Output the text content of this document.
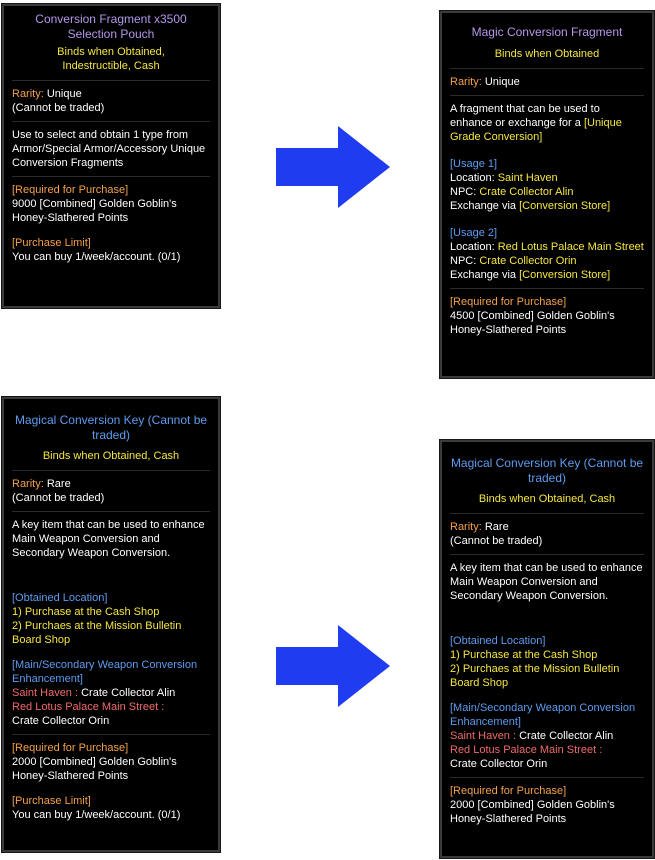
Conversion Fragment x3500 Selection Pouch
Binds when Obtained,
Indestructible, Cash
Rarity: Unique
(Cannot be traded)
Use to select and obtain 1 type from Armor/Special Armor/Accessory Unique Conversion Fragments
[Required for Purchase]
9000 [Combined] Golden Goblin's Honey-Slathered Points
[Purchase Limit]
You can buy 1/week/account. (0/1)
Magic Conversion Fragment
Binds when Obtained
Rarity: Unique
A fragment that can be used to enhance or exchange for a [Unique Grade Conversion]
[Usage 1]
Location: Saint Haven
NPC: Crate Collector Alin
Exchange via [Conversion Store]
[Usage 2]
Location: Red Lotus Palace Main Street
NPC: Crate Collector Orin
Exchange via [Conversion Store]
[Required for Purchase]
4500 [Combined] Golden Goblin's Honey-Slathered Points
Magical Conversion Key (Cannot be traded)
Binds when Obtained, Cash
Rarity: Rare
(Cannot be traded)
A key item that can be used to enhance Main Weapon Conversion and Secondary Weapon Conversion.
[Obtained Location]
1) Purchase at the Cash Shop
2) Purchaes at the Mission Bulletin Board Shop
[Main/Secondary Weapon Conversion Enhancement]
Saint Haven : Crate Collector Alin
Red Lotus Palace Main Street :
Crate Collector Orin
[Required for Purchase]
2000 [Combined] Golden Goblin's Honey-Slathered Points
[Purchase Limit]
You can buy 1/week/account. (0/1)
Magical Conversion Key (Cannot be traded)
Binds when Obtained, Cash
Rarity: Rare
(Cannot be traded)
A key item that can be used to enhance Main Weapon Conversion and Secondary Weapon Conversion.
[Obtained Location]
1) Purchase at the Cash Shop
2) Purchaes at the Mission Bulletin Board Shop
[Main/Secondary Weapon Conversion Enhancement]
Saint Haven : Crate Collector Alin
Red Lotus Palace Main Street :
Crate Collector Orin
[Required for Purchase]
2000 [Combined] Golden Goblin's Honey-Slathered Points
